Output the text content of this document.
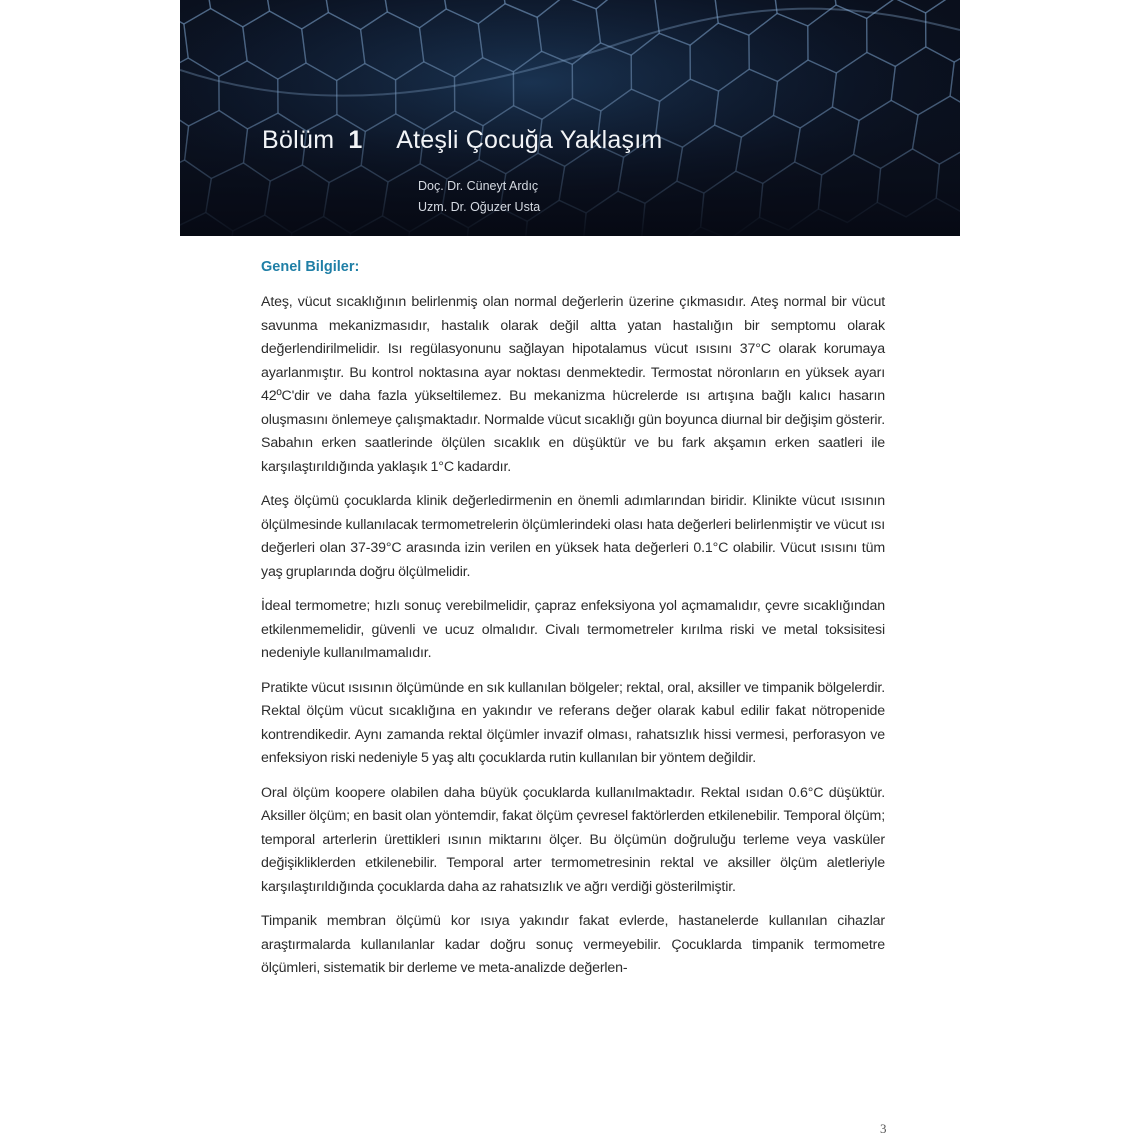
Bölüm 1 Ateşli Çocuğa Yaklaşım
Doç. Dr. Cüneyt Ardıç
Uzm. Dr. Oğuzer Usta
Genel Bilgiler:

Ateş, vücut sıcaklığının belirlenmiş olan normal değerlerin üzerine çıkmasıdır. Ateş normal bir vücut savunma mekanizmasıdır, hastalık olarak değil altta yatan hastalığın bir semptomu olarak değerlendirilmelidir. Isı regülasyonunu sağlayan hipotalamus vücut ısısını 37°C olarak korumaya ayarlanmıştır. Bu kontrol noktasına ayar noktası denmektedir. Termostat nöronların en yüksek ayarı 42ºC'dir ve daha fazla yükseltilemez. Bu mekanizma hücrelerde ısı artışına bağlı kalıcı hasarın oluşmasını önlemeye çalışmaktadır. Normalde vücut sıcaklığı gün boyunca diurnal bir değişim gösterir. Sabahın erken saatlerinde ölçülen sıcaklık en düşüktür ve bu fark akşamın erken saatleri ile karşılaştırıldığında yaklaşık 1°C kadardır.

Ateş ölçümü çocuklarda klinik değerledirmenin en önemli adımlarından biridir. Klinikte vücut ısısının ölçülmesinde kullanılacak termometrelerin ölçümlerindeki olası hata değerleri belirlenmiştir ve vücut ısı değerleri olan 37-39°C arasında izin verilen en yüksek hata değerleri 0.1°C olabilir. Vücut ısısını tüm yaş gruplarında doğru ölçülmelidir.

İdeal termometre; hızlı sonuç verebilmelidir, çapraz enfeksiyona yol açmamalıdır, çevre sıcaklığından etkilenmemelidir, güvenli ve ucuz olmalıdır. Civalı termometreler kırılma riski ve metal toksisitesi nedeniyle kullanılmamalıdır.

Pratikte vücut ısısının ölçümünde en sık kullanılan bölgeler; rektal, oral, aksiller ve timpanik bölgelerdir. Rektal ölçüm vücut sıcaklığına en yakındır ve referans değer olarak kabul edilir fakat nötropenide kontrendikedir. Aynı zamanda rektal ölçümler invazif olması, rahatsızlık hissi vermesi, perforasyon ve enfeksiyon riski nedeniyle 5 yaş altı çocuklarda rutin kullanılan bir yöntem değildir.

Oral ölçüm koopere olabilen daha büyük çocuklarda kullanılmaktadır. Rektal ısıdan 0.6°C düşüktür. Aksiller ölçüm; en basit olan yöntemdir, fakat ölçüm çevresel faktörlerden etkilenebilir. Temporal ölçüm; temporal arterlerin ürettikleri ısının miktarını ölçer. Bu ölçümün doğruluğu terleme veya vasküler değişikliklerden etkilenebilir. Temporal arter termometresinin rektal ve aksiller ölçüm aletleriyle karşılaştırıldığında çocuklarda daha az rahatsızlık ve ağrı verdiği gösterilmiştir.

Timpanik membran ölçümü kor ısıya yakındır fakat evlerde, hastanelerde kullanılan cihazlar araştırmalarda kullanılanlar kadar doğru sonuç vermeyebilir. Çocuklarda timpanik termometre ölçümleri, sistematik bir derleme ve meta-analizde değerlen-

3
